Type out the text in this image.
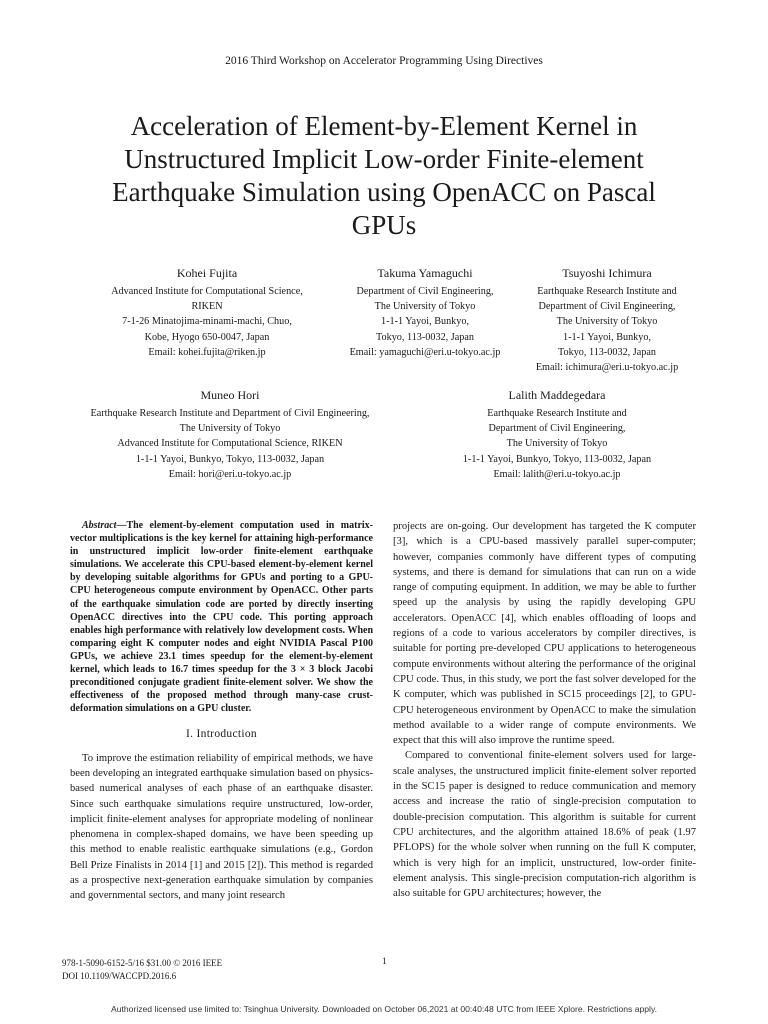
2016 Third Workshop on Accelerator Programming Using Directives
Acceleration of Element-by-Element Kernel in
Unstructured Implicit Low-order Finite-element
Earthquake Simulation using OpenACC on Pascal
GPUs
Kohei Fujita
Advanced Institute for Computational Science,
RIKEN
7-1-26 Minatojima-minami-machi, Chuo,
Kobe, Hyogo 650-0047, Japan
Email: kohei.fujita@riken.jp
Takuma Yamaguchi
Department of Civil Engineering,
The University of Tokyo
1-1-1 Yayoi, Bunkyo,
Tokyo, 113-0032, Japan
Email: yamaguchi@eri.u-tokyo.ac.jp
Tsuyoshi Ichimura
Earthquake Research Institute and
Department of Civil Engineering,
The University of Tokyo
1-1-1 Yayoi, Bunkyo,
Tokyo, 113-0032, Japan
Email: ichimura@eri.u-tokyo.ac.jp
Muneo Hori
Earthquake Research Institute and Department of Civil Engineering,
The University of Tokyo
Advanced Institute for Computational Science, RIKEN
1-1-1 Yayoi, Bunkyo, Tokyo, 113-0032, Japan
Email: hori@eri.u-tokyo.ac.jp
Lalith Maddegedara
Earthquake Research Institute and
Department of Civil Engineering,
The University of Tokyo
1-1-1 Yayoi, Bunkyo, Tokyo, 113-0032, Japan
Email: lalith@eri.u-tokyo.ac.jp

Abstract—The element-by-element computation used in matrix-vector multiplications is the key kernel for attaining high-performance in unstructured implicit low-order finite-element earthquake simulations. We accelerate this CPU-based element-by-element kernel by developing suitable algorithms for GPUs and porting to a GPU-CPU heterogeneous compute environment by OpenACC. Other parts of the earthquake simulation code are ported by directly inserting OpenACC directives into the CPU code. This porting approach enables high performance with relatively low development costs. When comparing eight K computer nodes and eight NVIDIA Pascal P100 GPUs, we achieve 23.1 times speedup for the element-by-element kernel, which leads to 16.7 times speedup for the 3 × 3 block Jacobi preconditioned conjugate gradient finite-element solver. We show the effectiveness of the proposed method through many-case crust-deformation simulations on a GPU cluster.

I. Introduction

To improve the estimation reliability of empirical methods, we have been developing an integrated earthquake simulation based on physics-based numerical analyses of each phase of an earthquake disaster. Since such earthquake simulations require unstructured, low-order, implicit finite-element analyses for appropriate modeling of nonlinear phenomena in complex-shaped domains, we have been speeding up this method to enable realistic earthquake simulations (e.g., Gordon Bell Prize Finalists in 2014 [1] and 2015 [2]). This method is regarded as a prospective next-generation earthquake simulation by companies and governmental sectors, and many joint research

projects are on-going. Our development has targeted the K computer [3], which is a CPU-based massively parallel super-computer; however, companies commonly have different types of computing systems, and there is demand for simulations that can run on a wide range of computing equipment. In addition, we may be able to further speed up the analysis by using the rapidly developing GPU accelerators. OpenACC [4], which enables offloading of loops and regions of a code to various accelerators by compiler directives, is suitable for porting pre-developed CPU applications to heterogeneous compute environments without altering the performance of the original CPU code. Thus, in this study, we port the fast solver developed for the K computer, which was published in SC15 proceedings [2], to GPU-CPU heterogeneous environment by OpenACC to make the simulation method available to a wider range of compute environments. We expect that this will also improve the runtime speed.

Compared to conventional finite-element solvers used for large-scale analyses, the unstructured implicit finite-element solver reported in the SC15 paper is designed to reduce communication and memory access and increase the ratio of single-precision computation to double-precision computation. This algorithm is suitable for current CPU architectures, and the algorithm attained 18.6% of peak (1.97 PFLOPS) for the whole solver when running on the full K computer, which is very high for an implicit, unstructured, low-order finite-element analysis. This single-precision computation-rich algorithm is also suitable for GPU architectures; however, the

978-1-5090-6152-5/16 $31.00 © 2016 IEEE
DOI 10.1109/WACCPD.2016.6
1
Authorized licensed use limited to: Tsinghua University. Downloaded on October 06,2021 at 00:40:48 UTC from IEEE Xplore. Restrictions apply.
